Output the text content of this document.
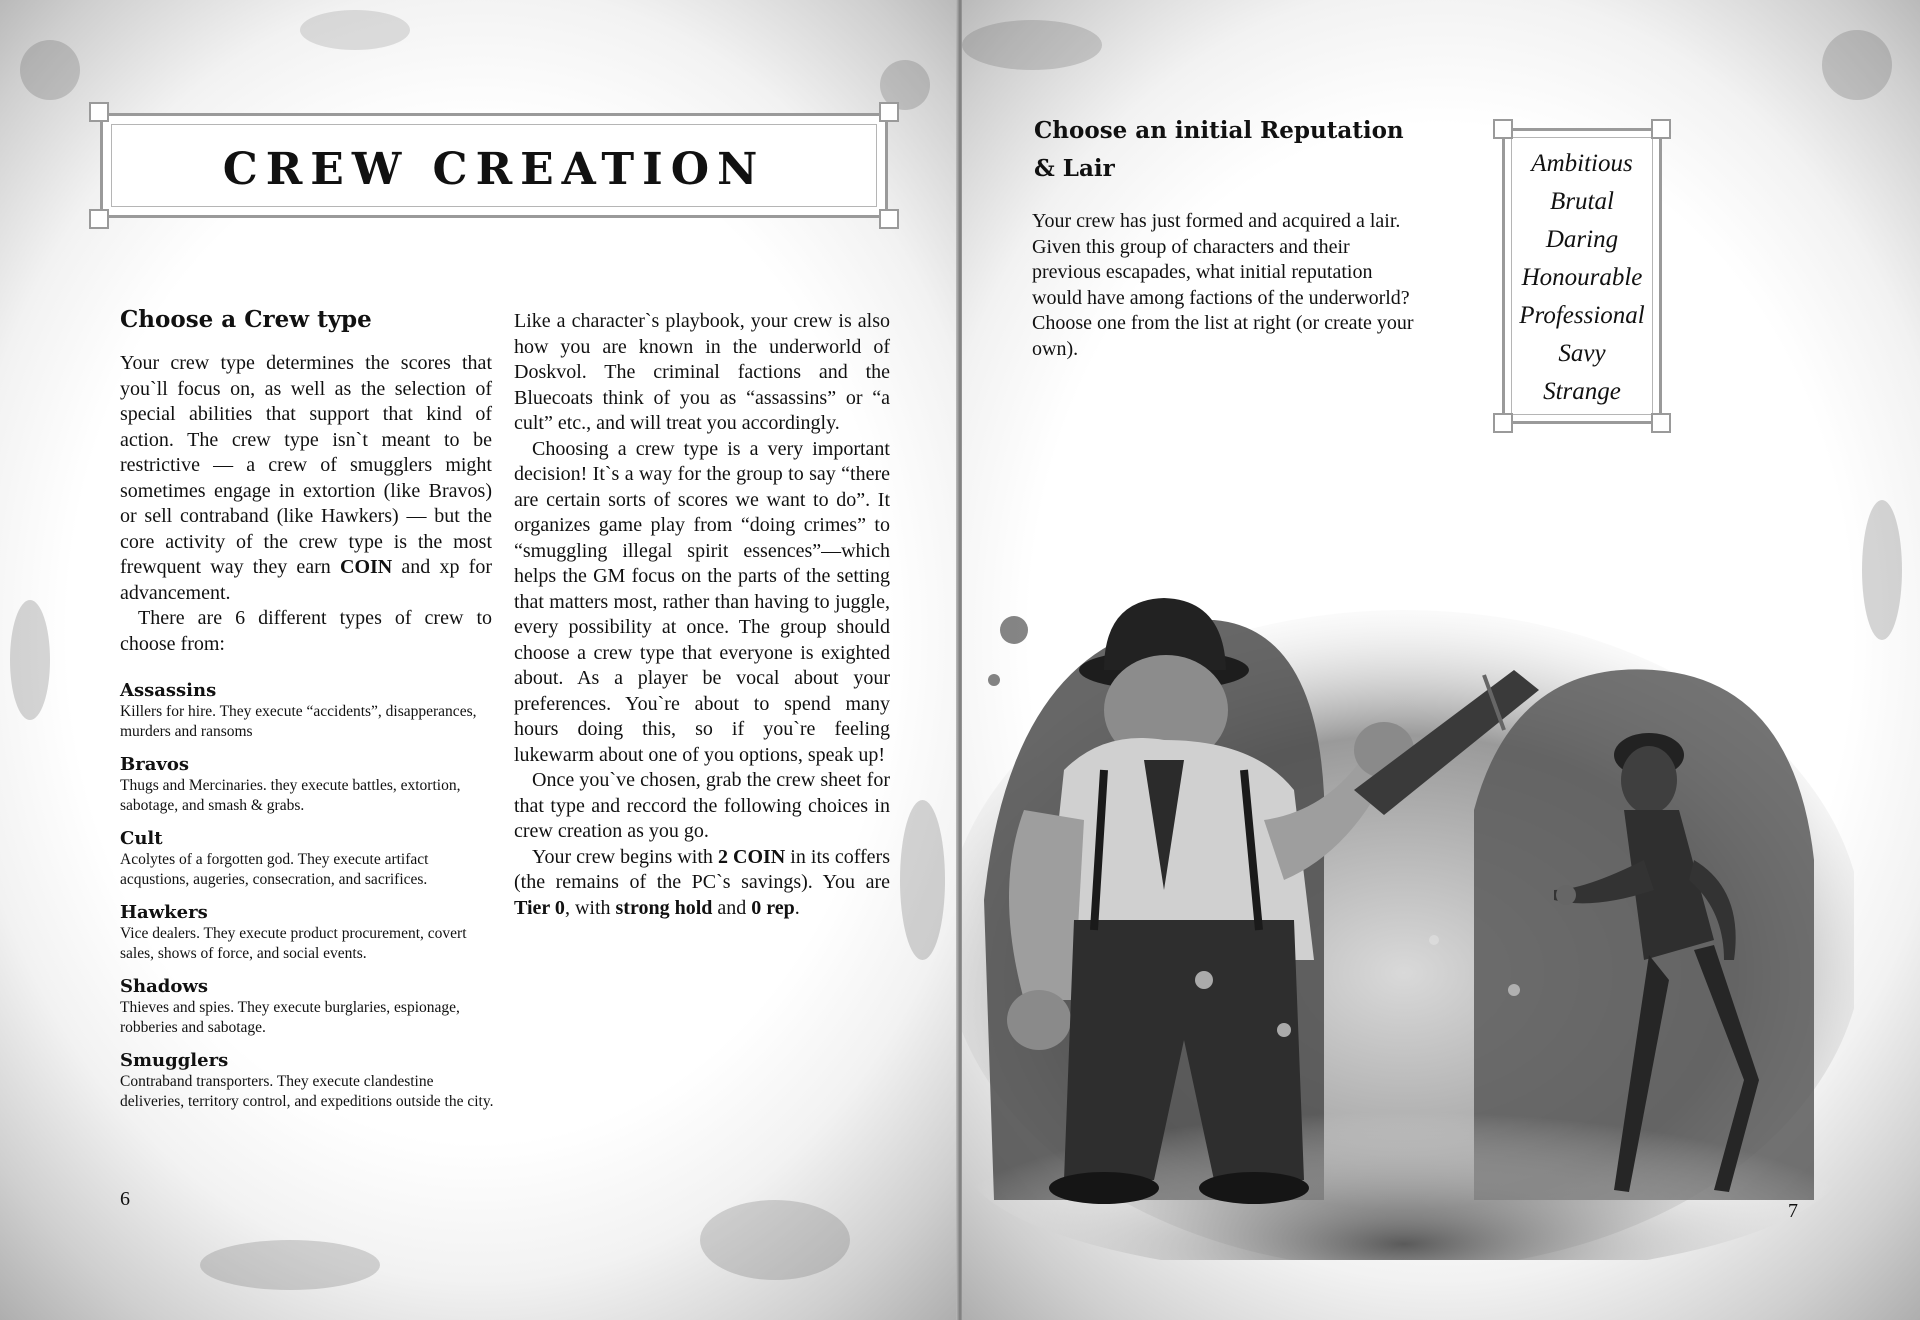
CREW CREATION
Choose a Crew type

Your crew type determines the scores that you`ll focus on, as well as the selection of special abilities that support that kind of action. The crew type isn`t meant to be restrictive — a crew of smugglers might sometimes engage in extortion (like Bravos) or sell contraband (like Hawkers) — but the core activity of the crew type is the most frewquent way they earn COIN and xp for advancement.

There are 6 different types of crew to choose from:

Assassins
Killers for hire. They execute “accidents”, disapperances, murders and ransoms
Bravos
Thugs and Mercinaries. they execute battles, extortion, sabotage, and smash & grabs.
Cult
Acolytes of a forgotten god. They execute artifact acqustions, augeries, consecration, and sacrifices.
Hawkers
Vice dealers. They execute product procurement, covert sales, shows of force, and social events.
Shadows
Thieves and spies. They execute burglaries, espionage, robberies and sabotage.
Smugglers
Contraband transporters. They execute clandestine deliveries, territory control, and expeditions outside the city.

Like a character`s playbook, your crew is also how you are known in the underworld of Doskvol. The criminal factions and the Bluecoats think of you as “assassins” or “a cult” etc., and will treat you accordingly.

Choosing a crew type is a very important decision! It`s a way for the group to say “there are certain sorts of scores we want to do”. It organizes game play from “doing crimes” to “smuggling illegal spirit essences”—which helps the GM focus on the parts of the setting that matters most, rather than having to juggle, every possibility at once. The group should choose a crew type that everyone is exighted about. As a player be vocal about your preferences. You`re about to spend many hours doing this, so if you`re feeling lukewarm about one of you options, speak up!

Once you`ve chosen, grab the crew sheet for that type and reccord the following choices in crew creation as you go.

Your crew begins with 2 COIN in its coffers (the remains of the PC`s savings). You are Tier 0, with strong hold and 0 rep.

6
Choose an initial Reputation & Lair

Your crew has just formed and acquired a lair. Given this group of characters and their previous escapades, what initial reputation would have among factions of the underworld? Choose one from the list at right (or create your own).

Ambitious
Brutal
Daring
Honourable
Professional
Savy
Strange
7
